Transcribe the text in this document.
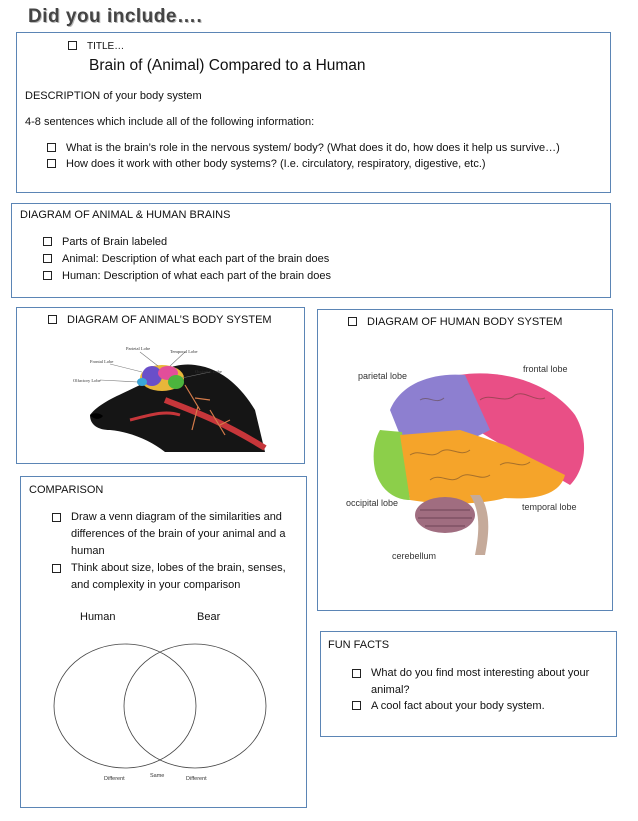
Did you include….
TITLE…
Brain of (Animal) Compared to a Human
DESCRIPTION of your body system
4-8 sentences which include all of the following information:
What is the brain’s role in the nervous system/ body? (What does it do, how does it help us survive…)
How does it work with other body systems? (I.e. circulatory, respiratory, digestive, etc.)
DIAGRAM OF ANIMAL & HUMAN BRAINS
Parts of Brain labeled
Animal: Description of what each part of the brain does
Human: Description of what each part of the brain does
DIAGRAM OF ANIMAL’S BODY SYSTEM
Parietal Lobe
Temporal Lobe
Frontal Lobe
Occipital Lobe
Olfactory Lobe
DIAGRAM OF HUMAN BODY SYSTEM
frontal lobe
parietal lobe
occipital lobe	temporal lobe
cerebellum
COMPARISON
Draw a venn diagram of the similarities and differences of the brain of your animal and a human
Think about size, lobes of the brain, senses, and complexity in your comparison
Human	Bear
Different	Same	Different
FUN FACTS
What do you find most interesting about your animal?
A cool fact about your body system.
